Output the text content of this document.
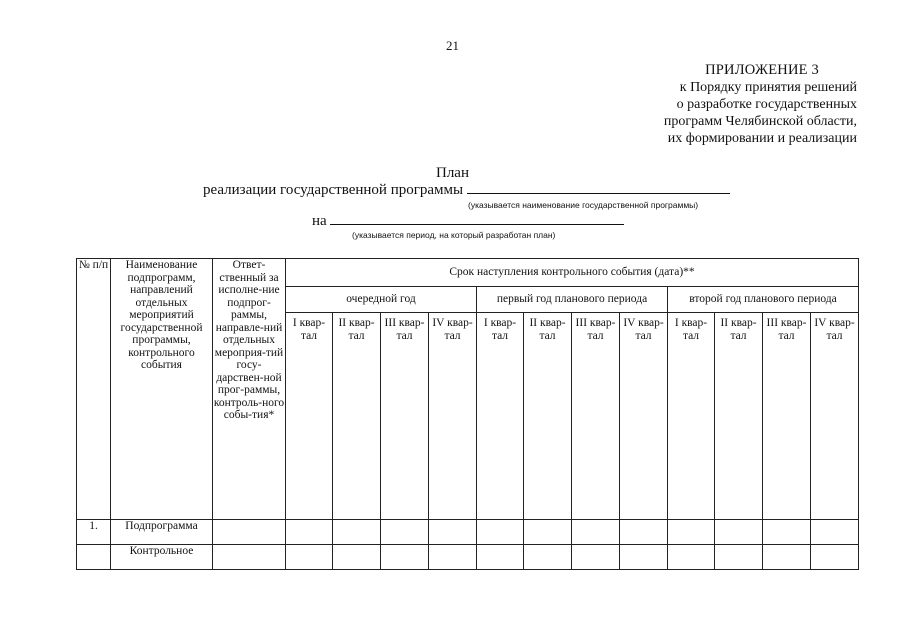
21
ПРИЛОЖЕНИЕ 3
к Порядку принятия решений
о разработке государственных
программ Челябинской области,
их формировании и реализации
План
реализации государственной программы
(указывается наименование государственной программы)
на
(указывается период, на который разработан план)
№ п/п	Наименование подпрограмм, направлений отдельных мероприятий государственной программы, контрольного события	Ответ-ственный за исполне-ние подпрог-раммы, направле-ний отдельных мероприя-тий госу-дарствен-ной прог-раммы, контроль-ного собы-тия*	Срок наступления контрольного события (дата)**											
			очередной год				первый год планового периода				второй год планового периода			
			I квар-тал	II квар-тал	III квар-тал	IV квар-тал	I квар-тал	II квар-тал	III квар-тал	IV квар-тал	I квар-тал	II квар-тал	III квар-тал	IV квар-тал
1.	Подпрограмма													
	Контрольное													
